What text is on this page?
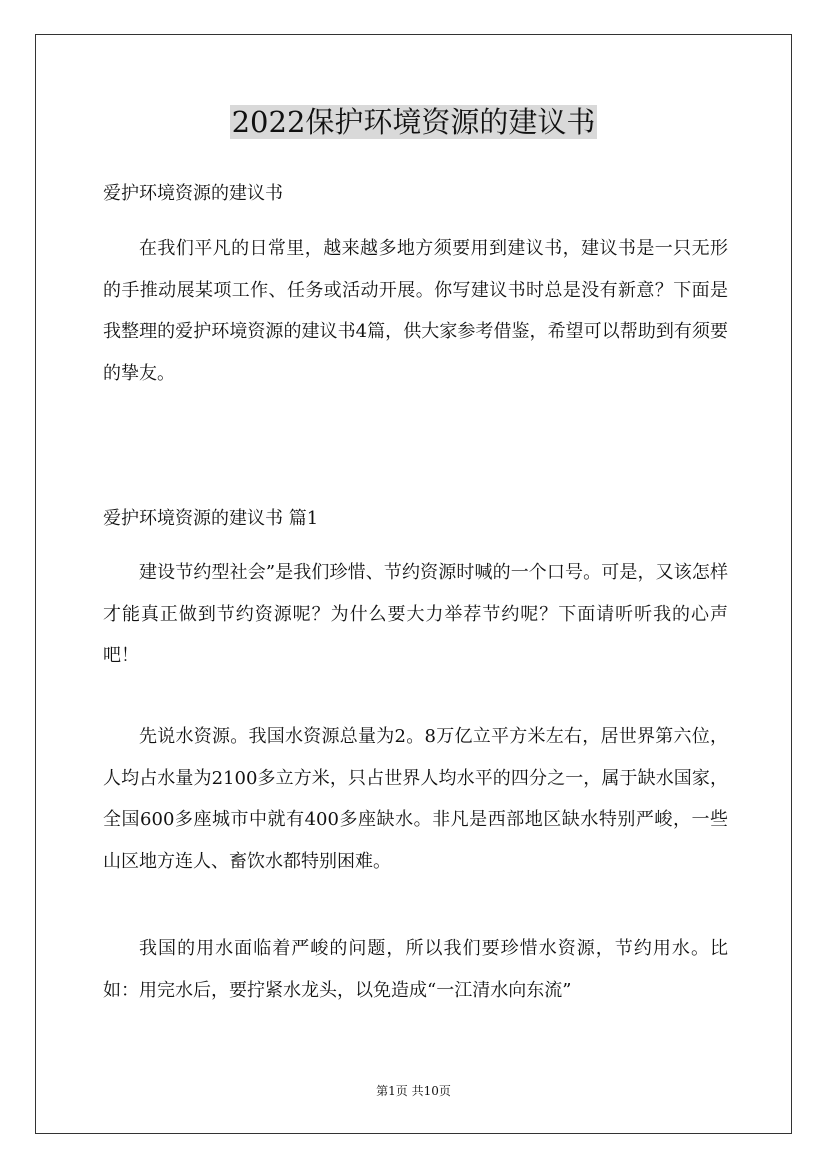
2022保护环境资源的建议书
爱护环境资源的建议书

在我们平凡的日常里，越来越多地方须要用到建议书，建议书是一只无形的手推动展某项工作、任务或活动开展。你写建议书时总是没有新意？下面是我整理的爱护环境资源的建议书4篇，供大家参考借鉴，希望可以帮助到有须要的挚友。

爱护环境资源的建议书 篇1

建设节约型社会”是我们珍惜、节约资源时喊的一个口号。可是，又该怎样才能真正做到节约资源呢？为什么要大力举荐节约呢？下面请听听我的心声吧！

先说水资源。我国水资源总量为2。8万亿立平方米左右，居世界第六位，人均占水量为2100多立方米，只占世界人均水平的四分之一，属于缺水国家，全国600多座城市中就有400多座缺水。非凡是西部地区缺水特别严峻，一些山区地方连人、畜饮水都特别困难。

我国的用水面临着严峻的问题，所以我们要珍惜水资源，节约用水。比如：用完水后，要拧紧水龙头，以免造成“一江清水向东流”

第1页 共10页
